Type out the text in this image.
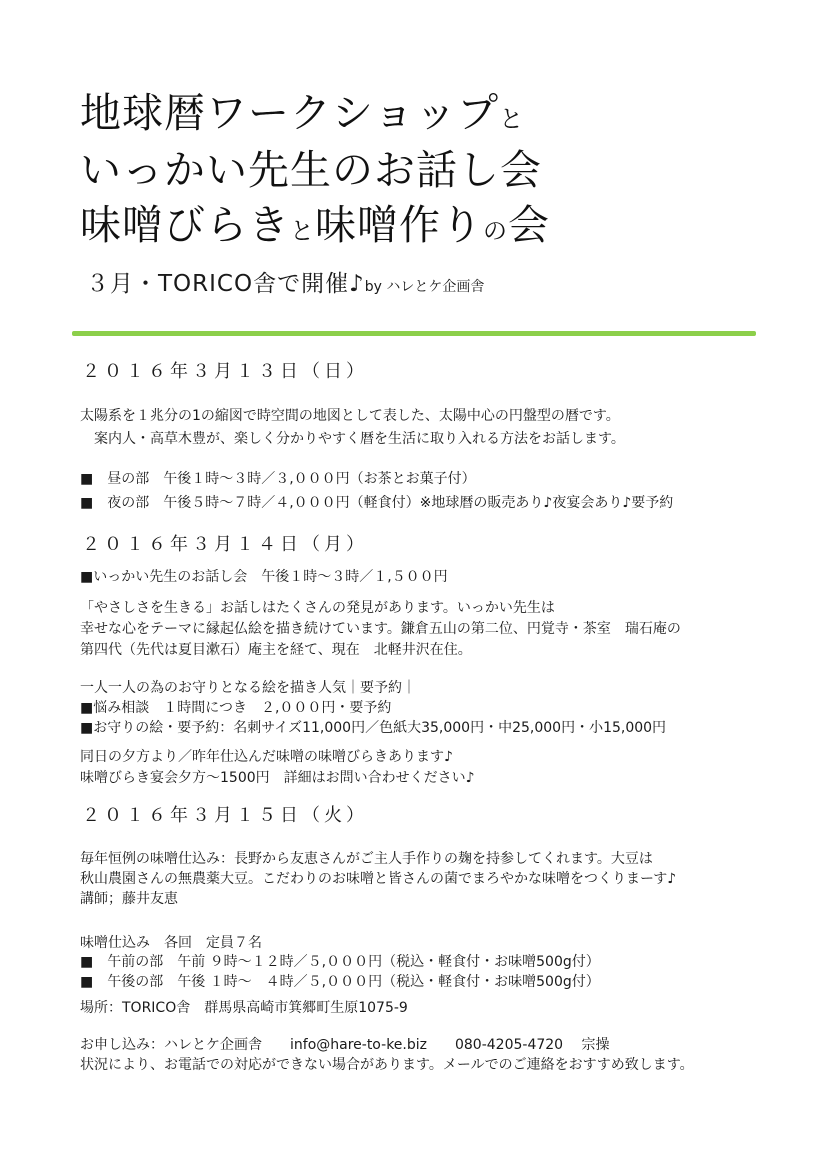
地球暦ワークショップと
いっかい先生のお話し会
味噌びらきと味噌作りの会

３月・TORICO舎で開催♪by ハレとケ企画舎

２０１６年３月１３日（日）
太陽系を１兆分の1の縮図で時空間の地図として表した、太陽中心の円盤型の暦です。
　案内人・高草木豊が、楽しく分かりやすく暦を生活に取り入れる方法をお話します。
■　昼の部　午後１時〜３時／３,０００円（お茶とお菓子付）
■　夜の部　午後５時〜７時／４,０００円（軽食付）※地球暦の販売あり♪夜宴会あり♪要予約
２０１６年３月１４日（月）
■いっかい先生のお話し会　午後１時〜３時／１,５００円
「やさしさを生きる」お話しはたくさんの発見があります。いっかい先生は
幸せな心をテーマに縁起仏絵を描き続けています。鎌倉五山の第二位、円覚寺・茶室　瑞石庵の
第四代（先代は夏目漱石）庵主を経て、現在　北軽井沢在住。
一人一人の為のお守りとなる絵を描き人気｜要予約｜
■悩み相談　１時間につき　２,０００円・要予約
■お守りの絵・要予約：名刺サイズ11,000円／色紙大35,000円・中25,000円・小15,000円
同日の夕方より／昨年仕込んだ味噌の味噌びらきあります♪
味噌びらき宴会夕方〜1500円　詳細はお問い合わせください♪
２０１６年３月１５日（火）
毎年恒例の味噌仕込み：長野から友恵さんがご主人手作りの麹を持参してくれます。大豆は
秋山農園さんの無農薬大豆。こだわりのお味噌と皆さんの菌でまろやかな味噌をつくりまーす♪
講師；藤井友恵
味噌仕込み　各回　定員７名
■　午前の部　午前 ９時〜１２時／５,０００円（税込・軽食付・お味噌500g付）
■　午後の部　午後 １時〜　４時／５,０００円（税込・軽食付・お味噌500g付）
場所：TORICO舎　群馬県高崎市箕郷町生原1075-9
お申し込み：ハレとケ企画舎　　info@hare-to-ke.biz　　080-4205-4720　 宗操
状況により、お電話での対応ができない場合があります。メールでのご連絡をおすすめ致します。
